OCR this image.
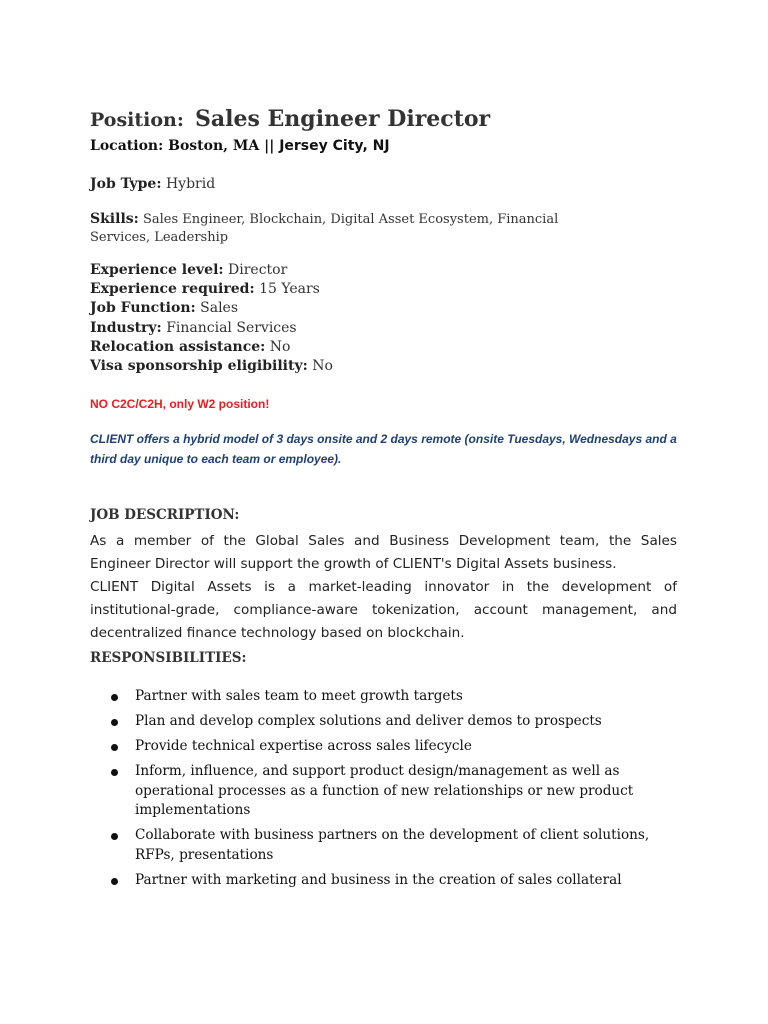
Position: Sales Engineer Director
Location: Boston, MA || Jersey City, NJ
Job Type: Hybrid
Skills: Sales Engineer, Blockchain, Digital Asset Ecosystem, Financial Services, Leadership
Experience level: Director
Experience required: 15 Years
Job Function: Sales
Industry: Financial Services
Relocation assistance: No
Visa sponsorship eligibility: No
NO C2C/C2H, only W2 position!
CLIENT offers a hybrid model of 3 days onsite and 2 days remote (onsite Tuesdays, Wednesdays and a third day unique to each team or employee).
JOB DESCRIPTION:

As a member of the Global Sales and Business Development team, the Sales Engineer Director will support the growth of CLIENT's Digital Assets business.

CLIENT Digital Assets is a market-leading innovator in the development of institutional-grade, compliance-aware tokenization, account management, and decentralized finance technology based on blockchain.

RESPONSIBILITIES:
Partner with sales team to meet growth targets
Plan and develop complex solutions and deliver demos to prospects
Provide technical expertise across sales lifecycle
Inform, influence, and support product design/management as well as operational processes as a function of new relationships or new product implementations
Collaborate with business partners on the development of client solutions, RFPs, presentations
Partner with marketing and business in the creation of sales collateral
